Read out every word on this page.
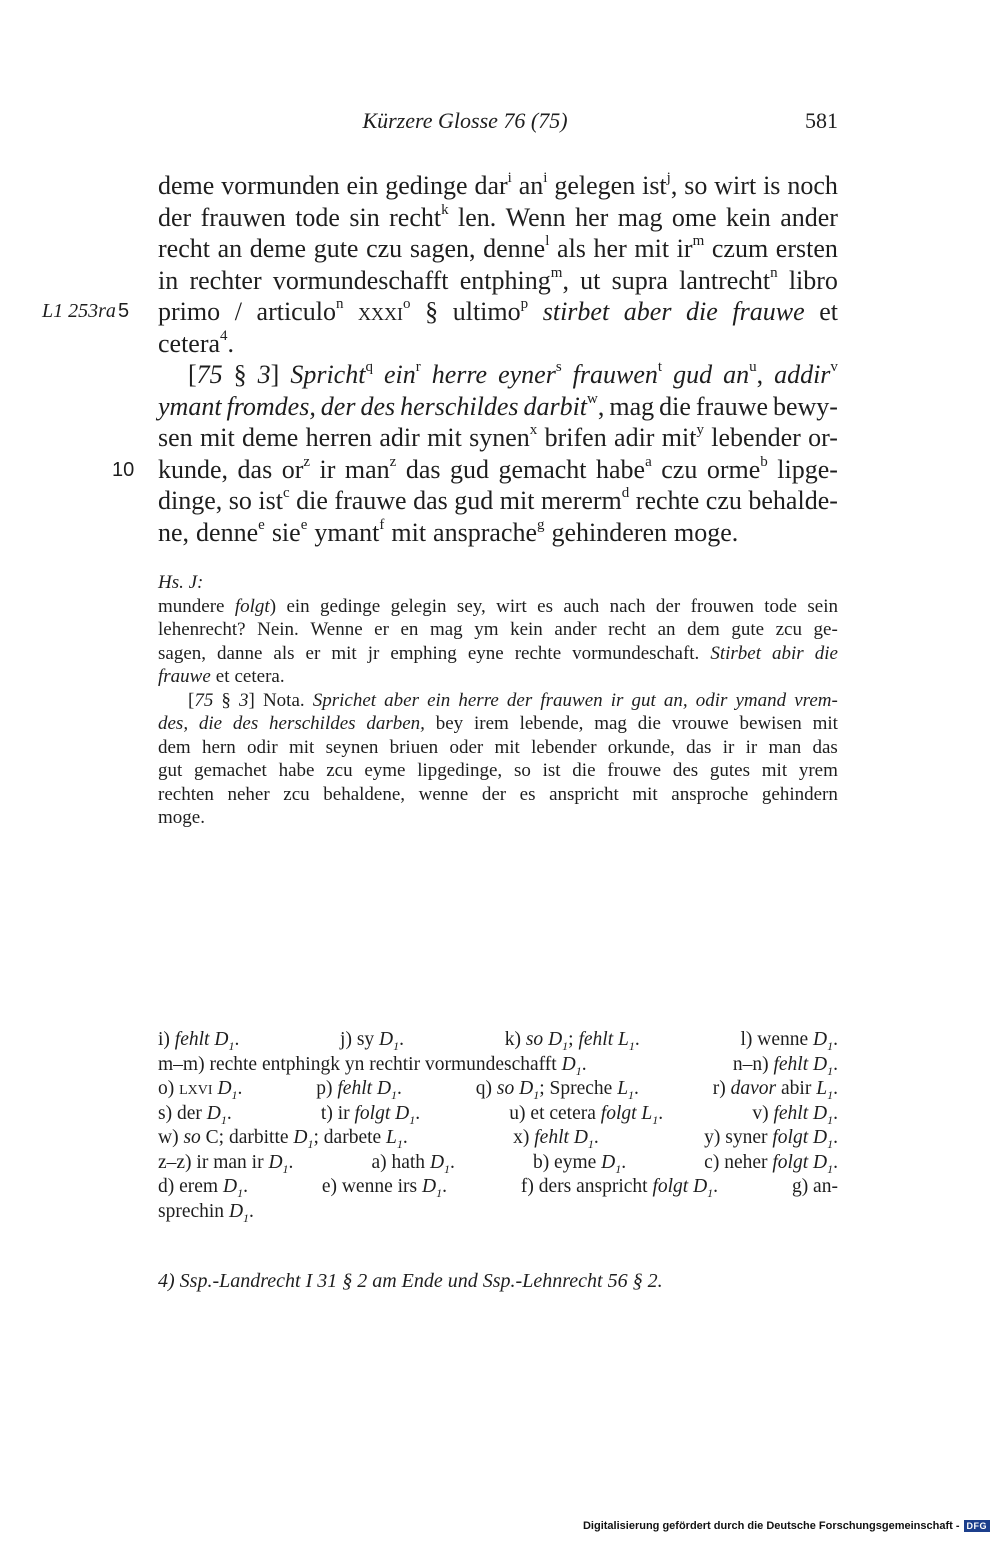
Kürzere Glosse 76 (75)	581
L1 253ra 5
10
deme vormunden ein gedinge dar$^i$ $an^i$ gelegen ist$^j$, so wirt is noch
der frauwen tode sin recht$^k$ len. Wenn her mag ome kein ander
recht an deme gute czu sagen, denne$^l$ als her mit $ir^m$ czum ersten
in rechter vormundeschafft entphing$^m$, ut supra lantrecht$^n$ libro
primo / articulo$^n$ xxxi$^o$ § ultimo$^p$ stirbet aber die frauwe et
cetera$^4$.
[75 § 3] Spricht$^q$ ein$^r$ herre eyner$^s$ frauwen$^t$ gud $an^u$, addir$^v$
ymant fromdes, der des herschildes darbit$^w$, mag die frauwe bewy-
sen mit deme herren adir mit synen$^x$ brifen adir mit$^y$ lebender or-
kunde, das $or^z$ ir man$^z$ das gud gemacht habe$^a$ czu orme$^b$ lipge-
dinge, so ist$^c$ die frauwe das gud mit mererm$^d$ rechte czu behalde-
ne, denne$^e$ sie$^e$ ymant$^f$ mit ansprache$^g$ gehinderen moge.
Hs. J:
mundere folgt) ein gedinge gelegin sey, wirt es auch nach der frouwen tode sein
lehenrecht? Nein. Wenne er en mag ym kein ander recht an dem gute zcu ge-
sagen, danne als er mit jr emphing eyne rechte vormundeschaft. Stirbet abir die
frauwe et cetera.
[75 § 3] Nota. Sprichet aber ein herre der frauwen ir gut an, odir ymand vrem-
des, die des herschildes darben, bey irem lebende, mag die vrouwe bewisen mit
dem hern odir mit seynen briuen oder mit lebender orkunde, das ir ir man das
gut gemachet habe zcu eyme lipgedinge, so ist die frouwe des gutes mit yrem
rechten neher zcu behaldene, wenne der es anspricht mit ansproche gehindern
moge.
i) fehlt $D_1$.	j) sy $D_1$.	k) so $D_1$; fehlt $L_1$.	l) wenne $D_1$.
m–m) rechte entphingk yn rechtir vormundeschafft $D_1$.	n–n) fehlt $D_1$.
o) lxvi $D_1$.	p) fehlt $D_1$.	q) so $D_1$; Spreche $L_1$.	r) davor abir $L_1$.
s) der $D_1$.	t) ir folgt $D_1$.	u) et cetera folgt $L_1$.	v) fehlt $D_1$.
w) so C; darbitte $D_1$; darbete $L_1$.	x) fehlt $D_1$.	y) syner folgt $D_1$.
z–z) ir man ir $D_1$.	a) hath $D_1$.	b) eyme $D_1$.	c) neher folgt $D_1$.
d) erem $D_1$.	e) wenne irs $D_1$.	f) ders anspricht folgt $D_1$.	g) an-
sprechin $D_1$.
4) Ssp.-Landrecht I 31 § 2 am Ende und Ssp.-Lehnrecht 56 § 2.
Digitalisierung gefördert durch die Deutsche Forschungsgemeinschaft - DFG
